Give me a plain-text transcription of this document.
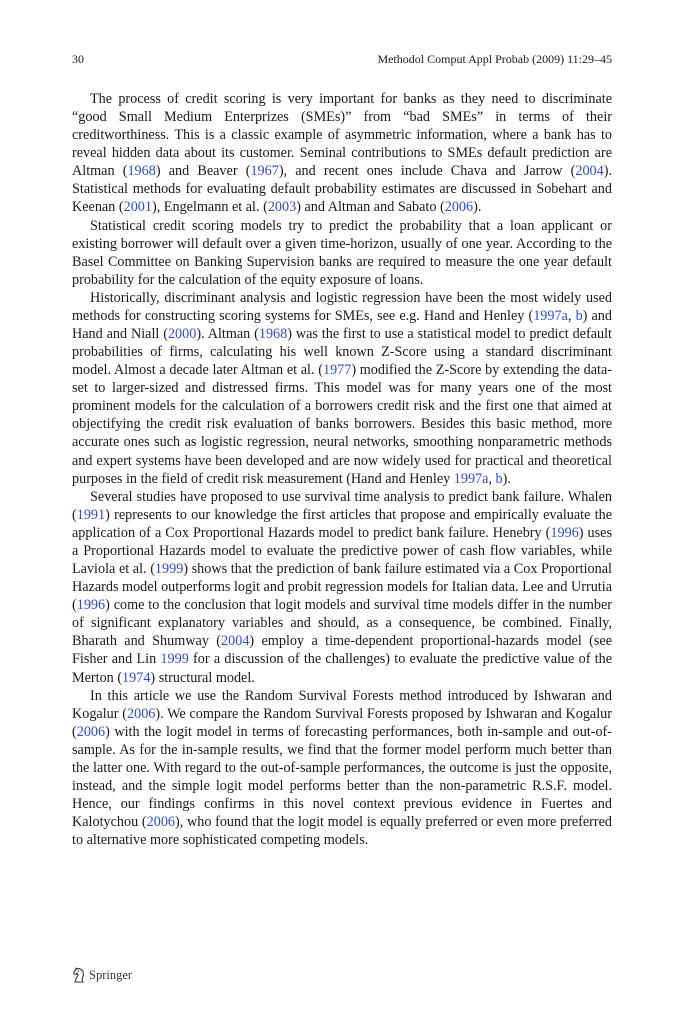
30	Methodol Comput Appl Probab (2009) 11:29–45

The process of credit scoring is very important for banks as they need to discriminate “good Small Medium Enterprizes (SMEs)” from “bad SMEs” in terms of their creditworthiness. This is a classic example of asymmetric information, where a bank has to reveal hidden data about its customer. Seminal contributions to SMEs default prediction are Altman (1968) and Beaver (1967), and recent ones include Chava and Jarrow (2004). Statistical methods for evaluating default probability estimates are discussed in Sobehart and Keenan (2001), Engelmann et al. (2003) and Altman and Sabato (2006).

Statistical credit scoring models try to predict the probability that a loan applicant or existing borrower will default over a given time-horizon, usually of one year. According to the Basel Committee on Banking Supervision banks are required to measure the one year default probability for the calculation of the equity exposure of loans.

Historically, discriminant analysis and logistic regression have been the most widely used methods for constructing scoring systems for SMEs, see e.g. Hand and Henley (1997a, b) and Hand and Niall (2000). Altman (1968) was the first to use a statistical model to predict default probabilities of firms, calculating his well known Z-Score using a standard discriminant model. Almost a decade later Altman et al. (1977) modified the Z-Score by extending the data-set to larger-sized and distressed firms. This model was for many years one of the most prominent models for the calculation of a borrowers credit risk and the first one that aimed at objectifying the credit risk evaluation of banks borrowers. Besides this basic method, more accurate ones such as logistic regression, neural networks, smoothing nonparametric methods and expert systems have been developed and are now widely used for practical and theoretical purposes in the field of credit risk measurement (Hand and Henley 1997a, b).

Several studies have proposed to use survival time analysis to predict bank failure. Whalen (1991) represents to our knowledge the first articles that propose and empirically evaluate the application of a Cox Proportional Hazards model to predict bank failure. Henebry (1996) uses a Proportional Hazards model to evaluate the predictive power of cash flow variables, while Laviola et al. (1999) shows that the prediction of bank failure estimated via a Cox Proportional Hazards model outperforms logit and probit regression models for Italian data. Lee and Urrutia (1996) come to the conclusion that logit models and survival time models differ in the number of significant explanatory variables and should, as a consequence, be combined. Finally, Bharath and Shumway (2004) employ a time-dependent proportional-hazards model (see Fisher and Lin 1999 for a discussion of the challenges) to evaluate the predictive value of the Merton (1974) structural model.

In this article we use the Random Survival Forests method introduced by Ishwaran and Kogalur (2006). We compare the Random Survival Forests proposed by Ishwaran and Kogalur (2006) with the logit model in terms of forecasting performances, both in-sample and out-of-sample. As for the in-sample results, we find that the former model perform much better than the latter one. With regard to the out-of-sample performances, the outcome is just the opposite, instead, and the simple logit model performs better than the non-parametric R.S.F. model. Hence, our findings confirms in this novel context previous evidence in Fuertes and Kalotychou (2006), who found that the logit model is equally preferred or even more preferred to alternative more sophisticated competing models.

Springer
